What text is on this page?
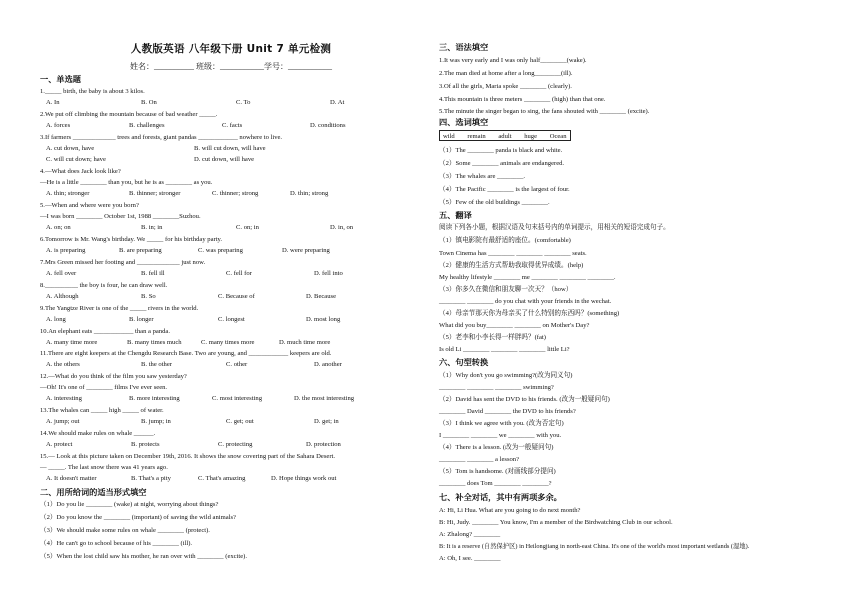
人教版英语 八年级下册 Unit 7 单元检测
姓名：__________ 班级：___________学号：___________
一、单选题
1._____ birth, the baby is about 3 kilos.
A. In	B. On	C. To	D. At
2.We put off climbing the mountain because of bad weather _____.
A. forces	B. challenges	C. facts	D. conditions
3.If farmers _____________ trees and forests, giant pandas ____________ nowhere to live.
A. cut down, have	B. will cut down, will have
C. will cut down; have	D. cut down, will have
4.—What does Jack look like?
—He is a little ________ than you, but he is as ________ as you.
A. thin; stronger	B. thinner; stronger	C. thinner; strong	D. thin; strong
5.—When and where were you born?
—I was born ________ October 1st, 1988 ________Suzhou.
A. on; on	B. in; in	C. on; in	D. in, on
6.Tomorrow is Mr. Wang's birthday. We _____ for his birthday party.
A. is preparing	B. are preparing	C. was preparing	D. were preparing
7.Mrs Green missed her footing and _____________ just now.
A. fell over	B. fell ill	C. fell for	D. fell into
8.__________ the boy is four, he can draw well.
A. Although	B. So	C. Because of	D. Because
9.The Yangtze River is one of the _____ rivers in the world.
A. long	B. longer	C. longest	D. most long
10.An elephant eats ____________ than a panda.
A. many time more	B. many times much	C. many times more	D. much time more
11.There are eight keepers at the Chengdu Research Base. Two are young, and ____________ keepers are old.
A. the others	B. the other	C. other	D. another
12.—What do you think of the film you saw yesterday?
—Oh! It's one of ________ films I've ever seen.
A. interesting	B. more interesting	C. most interesting	D. the most interesting
13.The whales can _____ high _____ of water.
A. jump; out	B. jump; in	C. get; out	D. get; in
14.We should make rules on whale ______.
A. protect	B. protects	C. protecting	D. protection
15.— Look at this picture taken on December 19th, 2016. It shows the snow covering part of the Sahara Desert.
— _____. The last snow there was 41 years ago.
A. It doesn't matter	B. That's a pity	C. That's amazing	D. Hope things work out
二、用所给词的适当形式填空
（1）Do you lie ________ (wake) at night, worrying about things?
（2）Do you know the ________ (important) of saving the wild animals?
（3）We should make some rules on whale ________ (protect).
（4）He can't go to school because of his ________ (ill).
（5）When the lost child saw his mother, he ran over with ________ (excite).
三、语法填空
1.It was very early and I was only half________(wake).
2.The man died at home after a long________(ill).
3.Of all the girls, Maria spoke ________ (clearly).
4.This mountain is three meters ________ (high) than that one.
5.The minute the singer began to sing, the fans shouted with ________ (excite).
四、选词填空
wild remain adult huge Ocean
（1）The ________ panda is black and white.
（2）Some ________ animals are endangered.
（3）The whales are ________.
（4）The Pacific ________ is the largest of four.
（5）Few of the old buildings ________.
五、翻译
阅读下列各小题，根据汉语及句末括号内的单词提示，用相关的短语完成句子。
（1）镇电影院有最舒适的座位。(comfortable)
Town Cinema has ________ ________ ________ seats.
（2）健康的生活方式帮助我取得优异成绩。(help)
My healthy lifestyle ________ me ________ ________ ________.
（3）你多久在微信和朋友聊一次天？（how）
________ ________ do you chat with your friends in the wechat.
（4）母亲节那天你为母亲买了什么特别的东西吗？(something)
What did you buy________ ________ on Mother's Day?
（5）老李和小李长得一样胖吗？(fat)
Is old Li ________ ________ ________ little Li?
六、句型转换
（1）Why don't you go swimming?(改为同义句)
________ ________ ________ swimming?
（2）David has sent the DVD to his friends. (改为一般疑问句)
________ David ________ the DVD to his friends?
（3）I think we agree with you. (改为否定句)
I ________ ________ we ________ with you.
（4）There is a lesson. (改为一般疑问句)
________ ________ a lesson?
（5）Tom is handsome. (对画线部分提问)
________ does Tom ________ ________?
七、补全对话，其中有两项多余。
A: Hi, Li Hua. What are you going to do next month?
B: Hi, Judy. ________ You know, I'm a member of the Birdwatching Club in our school.
A: Zhalong? ________
B: It is a reserve (自然保护区) in Heilongjiang in north-east China. It's one of the world's most important wetlands (湿地).
A: Oh, I see. ________
